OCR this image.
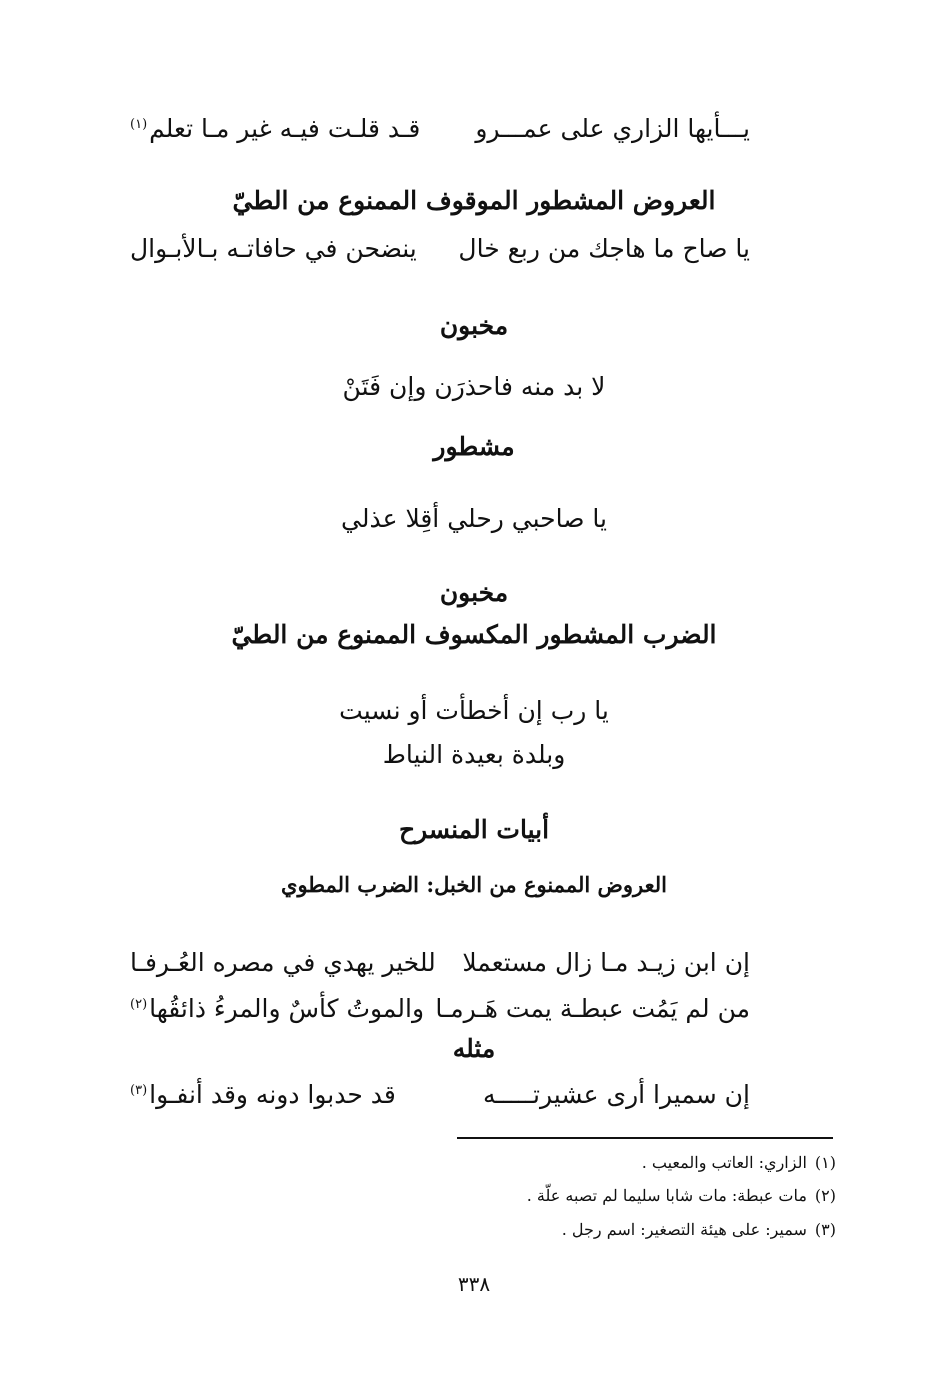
يـــأيها الزاري على عمـــرو
قـد قلـت فيـه غير مـا تعلم$^{(١)}$
العروض المشطور الموقوف الممنوع من الطيّ
يا صاح ما هاجك من ربع خال
ينضحن في حافاتـه بـالأبـوال
مخبون
لا بد منه فاحذرَن وإن فَتَنْ
مشطور
يا صاحبي رحلي أقِلا عذلي
مخبون
الضرب المشطور المكسوف الممنوع من الطيّ
يا رب إن أخطأت أو نسيت
وبلدة بعيدة النياط
أبيات المنسرح
العروض الممنوع من الخبل: الضرب المطوي
إن ابن زيـد مـا زال مستعملا
للخير يهدي في مصره العُـرفـا
من لم يَمُت عبطـة يمت هَـرمـا
والموتُ كأسٌ والمرءُ ذائقُها$^{(٢)}$
مثله
إن سميرا أرى عشيرتـــــه
قد حدبوا دونه وقد أنفـوا$^{(٣)}$
(١)الزاري: العاتب والمعيب .
(٢)مات عبطة: مات شابا سليما لم تصبه علّة .
(٣)سمير: على هيئة التصغير: اسم رجل .
٣٣٨
